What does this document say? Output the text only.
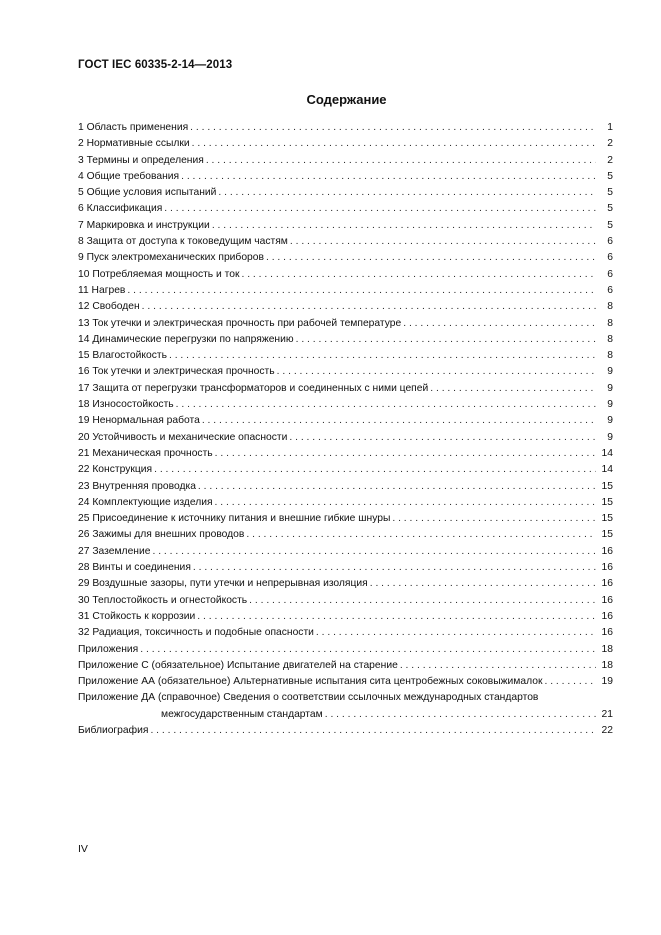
ГОСТ IEC 60335-2-14—2013
Содержание
1 Область применения . . .	1
2 Нормативные ссылки . . .	2
3 Термины и определения . . .	2
4 Общие требования . . .	5
5 Общие условия испытаний . . .	5
6 Классификация . . .	5
7 Маркировка и инструкции . . .	5
8 Защита от доступа к токоведущим частям . . .	6
9 Пуск электромеханических приборов . . .	6
10 Потребляемая мощность и ток . . .	6
11 Нагрев . . .	6
12 Свободен . . .	8
13 Ток утечки и электрическая прочность при рабочей температуре . . .	8
14 Динамические перегрузки по напряжению . . .	8
15 Влагостойкость . . .	8
16 Ток утечки и электрическая прочность . . .	9
17 Защита от перегрузки трансформаторов и соединенных с ними цепей . . .	9
18 Износостойкость . . .	9
19 Ненормальная работа . . .	9
20 Устойчивость и механические опасности . . .	9
21 Механическая прочность . . .	14
22 Конструкция . . .	14
23 Внутренняя проводка . . .	15
24 Комплектующие изделия . . .	15
25 Присоединение к источнику питания и внешние гибкие шнуры . . .	15
26 Зажимы для внешних проводов . . .	15
27 Заземление . . .	16
28 Винты и соединения . . .	16
29 Воздушные зазоры, пути утечки и непрерывная изоляция . . .	16
30 Теплостойкость и огнестойкость . . .	16
31 Стойкость к коррозии . . .	16
32 Радиация, токсичность и подобные опасности . . .	16
Приложения . . .	18
Приложение С (обязательное) Испытание двигателей на старение . . .	18
Приложение АА (обязательное) Альтернативные испытания сита центробежных соковыжималок . . .	19
Приложение ДА (справочное) Сведения о соответствии ссылочных международных стандартов
межгосударственным стандартам . . .	21
Библиография . . .	22
IV
